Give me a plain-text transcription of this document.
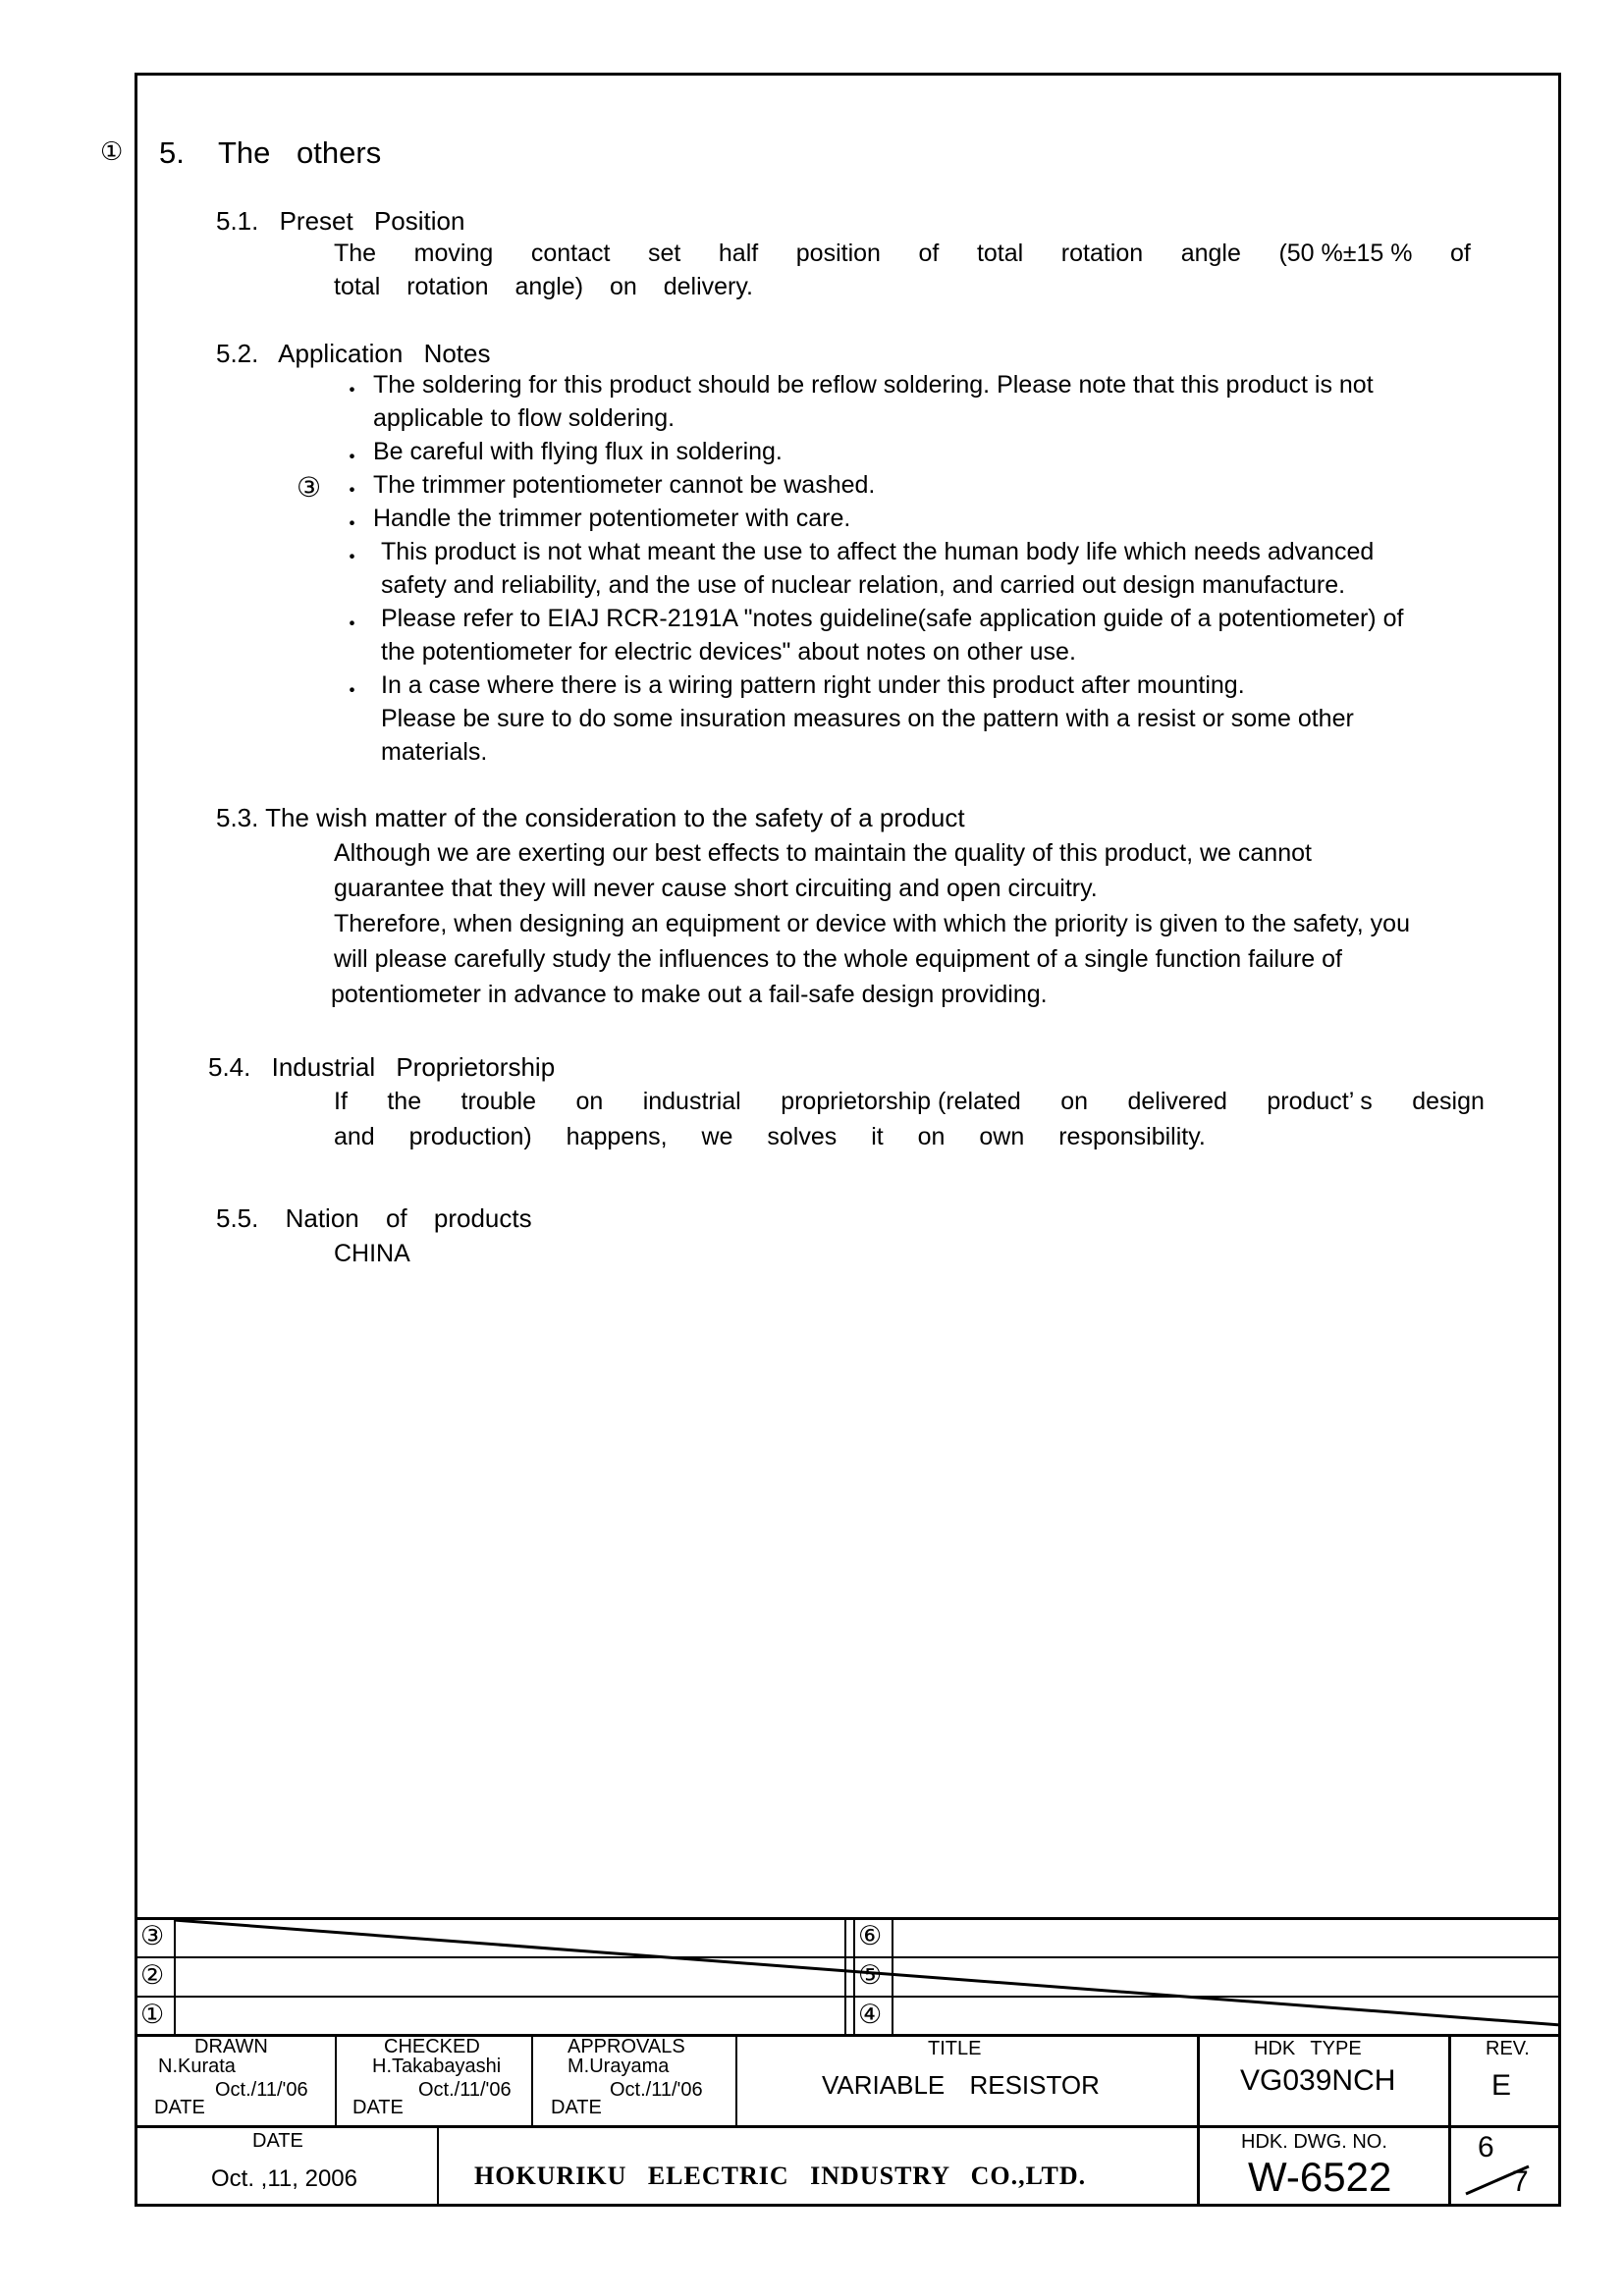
① 5. The others
5.1. Preset Position
The moving contact set half position of total rotation angle (50 %±15 % of
total rotation angle) on delivery.
5.2. Application Notes
③
・ The soldering for this product should be reflow soldering. Please note that this product is not
applicable to flow soldering.
・ Be careful with flying flux in soldering.
・ The trimmer potentiometer cannot be washed.
・ Handle the trimmer potentiometer with care.
・ This product is not what meant the use to affect the human body life which needs advanced
safety and reliability, and the use of nuclear relation, and carried out design manufacture.
・ Please refer to EIAJ RCR-2191A "notes guideline(safe application guide of a potentiometer) of
the potentiometer for electric devices" about notes on other use.
・ In a case where there is a wiring pattern right under this product after mounting.
Please be sure to do some insuration measures on the pattern with a resist or some other
materials.
5.3. The wish matter of the consideration to the safety of a product
Although we are exerting our best effects to maintain the quality of this product, we cannot
guarantee that they will never cause short circuiting and open circuitry.
Therefore, when designing an equipment or device with which the priority is given to the safety, you
will please carefully study the influences to the whole equipment of a single function failure of
potentiometer in advance to make out a fail-safe design providing.
5.4. Industrial Proprietorship
If the trouble on industrial proprietorship (related on delivered product’ s design
and production) happens, we solves it on own responsibility.
5.5. Nation of products
CHINA
③
②
①
⑥
⑤
④
DRAWN
N.Kurata
Oct./11/'06
DATE
CHECKED
H.Takabayashi
Oct./11/'06
DATE
APPROVALS
M.Urayama
Oct./11/'06
DATE
TITLE
VARIABLE RESISTOR
HDK TYPE
VG039NCH
REV.
E
DATE
Oct. ,11, 2006	HOKURIKU ELECTRIC INDUSTRY CO.,LTD.
HDK. DWG. NO.
W-6522
6
7
